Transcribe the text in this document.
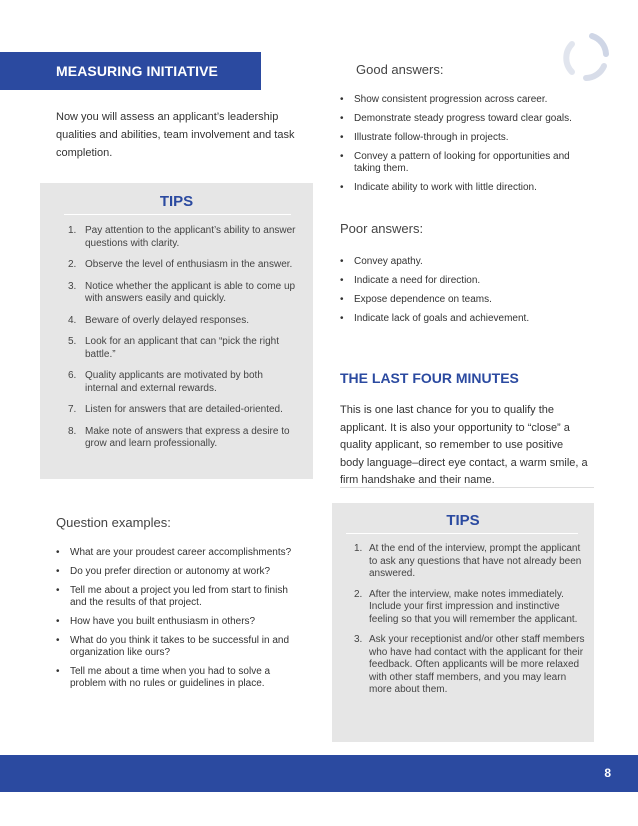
MEASURING INITIATIVE

Now you will assess an applicant’s leadership qualities and abilities, team involvement and task completion.

TIPS
1. Pay attention to the applicant’s ability to answer questions with clarity.
2. Observe the level of enthusiasm in the answer.
3. Notice whether the applicant is able to come up with answers easily and quickly.
4. Beware of overly delayed responses.
5. Look for an applicant that can “pick the right battle.”
6. Quality applicants are motivated by both internal and external rewards.
7. Listen for answers that are detailed-oriented.
8. Make note of answers that express a desire to grow and learn professionally.
Question examples:
•	What are your proudest career accomplishments?
•	Do you prefer direction or autonomy at work?
•	Tell me about a project you led from start to finish and the results of that project.
•	How have you built enthusiasm in others?
•	What do you think it takes to be successful in and organization like ours?
•	Tell me about a time when you had to solve a problem with no rules or guidelines in place.
Good answers:
•	Show consistent progression across career.
•	Demonstrate steady progress toward clear goals.
•	Illustrate follow-through in projects.
•	Convey a pattern of looking for opportunities and taking them.
•	Indicate ability to work with little direction.
Poor answers:
•	Convey apathy.
•	Indicate a need for direction.
•	Expose dependence on teams.
•	Indicate lack of goals and achievement.
THE LAST FOUR MINUTES

This is one last chance for you to qualify the applicant. It is also your opportunity to “close” a quality applicant, so remember to use positive body language–direct eye contact, a warm smile, a firm handshake and their name.

TIPS
1. At the end of the interview, prompt the applicant to ask any questions that have not already been answered.
2. After the interview, make notes immediately. Include your first impression and instinctive feeling so that you will remember the applicant.
3. Ask your receptionist and/or other staff members who have had contact with the applicant for their feedback. Often applicants will be more relaxed with other staff members, and you may learn more about them.
8
